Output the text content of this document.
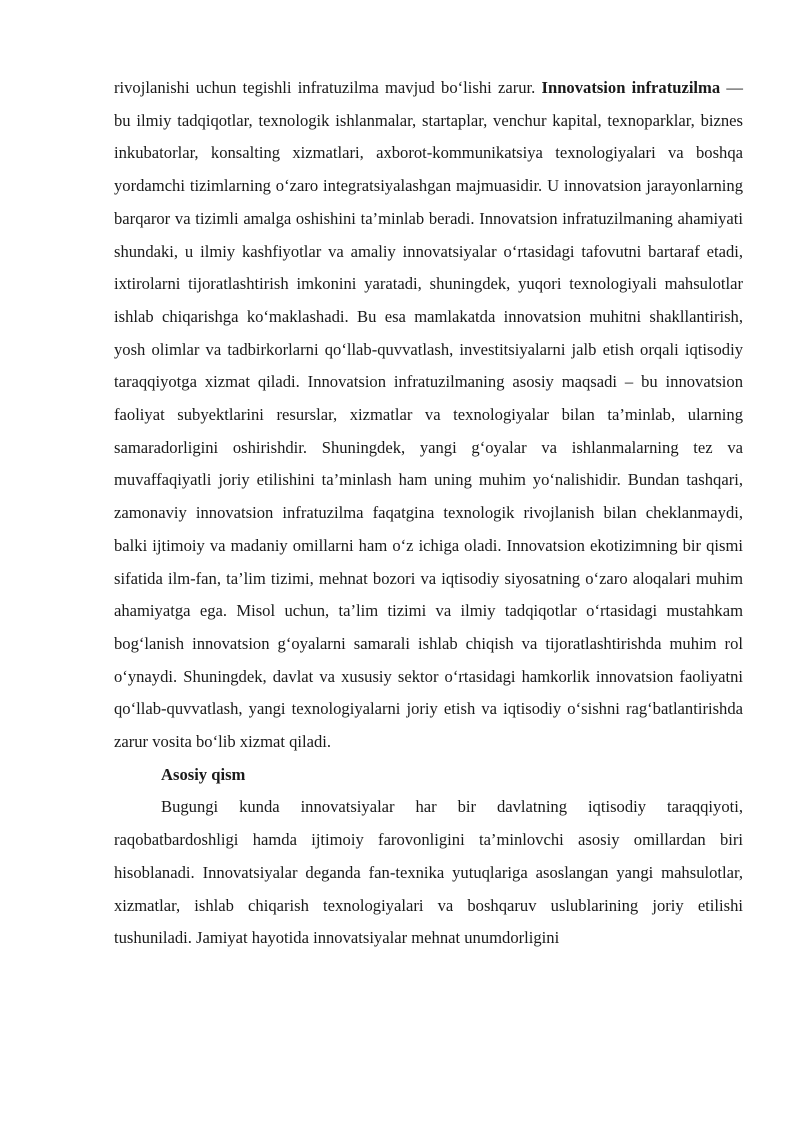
rivojlanishi uchun tegishli infratuzilma mavjud bo‘lishi zarur. Innovatsion infratuzilma — bu ilmiy tadqiqotlar, texnologik ishlanmalar, startaplar, venchur kapital, texnoparklar, biznes inkubatorlar, konsalting xizmatlari, axborot-kommunikatsiya texnologiyalari va boshqa yordamchi tizimlarning o‘zaro integratsiyalashgan majmuasidir. U innovatsion jarayonlarning barqaror va tizimli amalga oshishini ta’minlab beradi. Innovatsion infratuzilmaning ahamiyati shundaki, u ilmiy kashfiyotlar va amaliy innovatsiyalar o‘rtasidagi tafovutni bartaraf etadi, ixtirolarni tijoratlashtirish imkonini yaratadi, shuningdek, yuqori texnologiyali mahsulotlar ishlab chiqarishga ko‘maklashadi. Bu esa mamlakatda innovatsion muhitni shakllantirish, yosh olimlar va tadbirkorlarni qo‘llab-quvvatlash, investitsiyalarni jalb etish orqali iqtisodiy taraqqiyotga xizmat qiladi. Innovatsion infratuzilmaning asosiy maqsadi – bu innovatsion faoliyat subyektlarini resurslar, xizmatlar va texnologiyalar bilan ta’minlab, ularning samaradorligini oshirishdir. Shuningdek, yangi g‘oyalar va ishlanmalarning tez va muvaffaqiyatli joriy etilishini ta’minlash ham uning muhim yo‘nalishidir. Bundan tashqari, zamonaviy innovatsion infratuzilma faqatgina texnologik rivojlanish bilan cheklanmaydi, balki ijtimoiy va madaniy omillarni ham o‘z ichiga oladi. Innovatsion ekotizimning bir qismi sifatida ilm-fan, ta’lim tizimi, mehnat bozori va iqtisodiy siyosatning o‘zaro aloqalari muhim ahamiyatga ega. Misol uchun, ta’lim tizimi va ilmiy tadqiqotlar o‘rtasidagi mustahkam bog‘lanish innovatsion g‘oyalarni samarali ishlab chiqish va tijoratlashtirishda muhim rol o‘ynaydi. Shuningdek, davlat va xususiy sektor o‘rtasidagi hamkorlik innovatsion faoliyatni qo‘llab-quvvatlash, yangi texnologiyalarni joriy etish va iqtisodiy o‘sishni rag‘batlantirishda zarur vosita bo‘lib xizmat qiladi.

Asosiy qism

Bugungi kunda innovatsiyalar har bir davlatning iqtisodiy taraqqiyoti, raqobatbardoshligi hamda ijtimoiy farovonligini ta’minlovchi asosiy omillardan biri hisoblanadi. Innovatsiyalar deganda fan-texnika yutuqlariga asoslangan yangi mahsulotlar, xizmatlar, ishlab chiqarish texnologiyalari va boshqaruv uslublarining joriy etilishi tushuniladi. Jamiyat hayotida innovatsiyalar mehnat unumdorligini
